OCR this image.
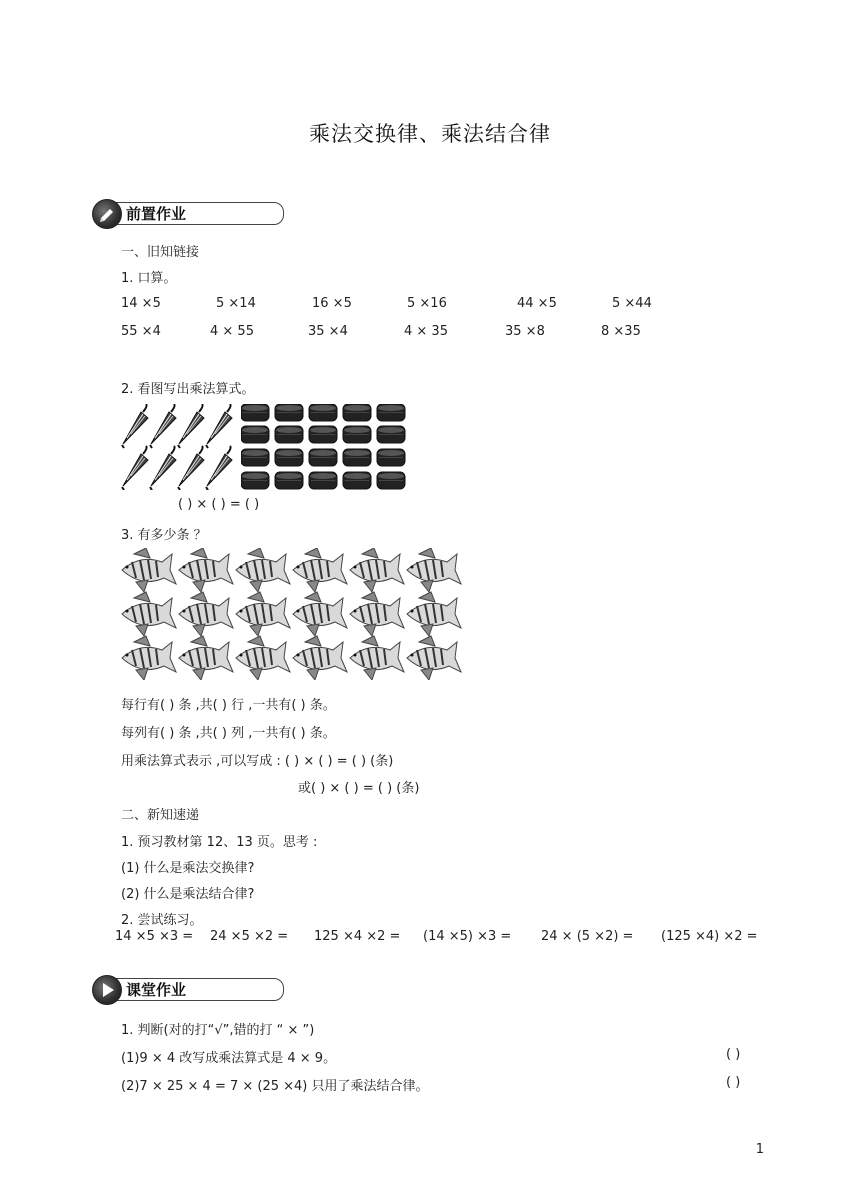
乘法交换律、乘法结合律
前置作业
一、旧知链接
1. 口算。
14 ×5	5 ×14	16 ×5	5 ×16	44 ×5	5 ×44
55 ×4	4 × 55	35 ×4	4 × 35	35 ×8	8 ×35
2. 看图写出乘法算式。
( ) × ( ) = ( )
3. 有多少条 ？
每行有( ) 条 ,共( ) 行 ,一共有( ) 条。
每列有( ) 条 ,共( ) 列 ,一共有( ) 条。
用乘法算式表示 ,可以写成 : ( ) × ( ) = ( ) (条)
或( ) × ( ) = ( ) (条)
二、新知速递
1. 预习教材第 12、13 页。思考 :
(1) 什么是乘法交换律?
(2) 什么是乘法结合律?
2. 尝试练习。
14 ×5 ×3 = 24 ×5 ×2 = 125 ×4 ×2 = (14 ×5) ×3 = 24 × (5 ×2) = (125 ×4) ×2 =
课堂作业
1. 判断(对的打“√”,错的打 “ × ”)
(1)9 × 4 改写成乘法算式是 4 × 9。	( )
(2)7 × 25 × 4 = 7 × (25 ×4) 只用了乘法结合律。	( )
1
